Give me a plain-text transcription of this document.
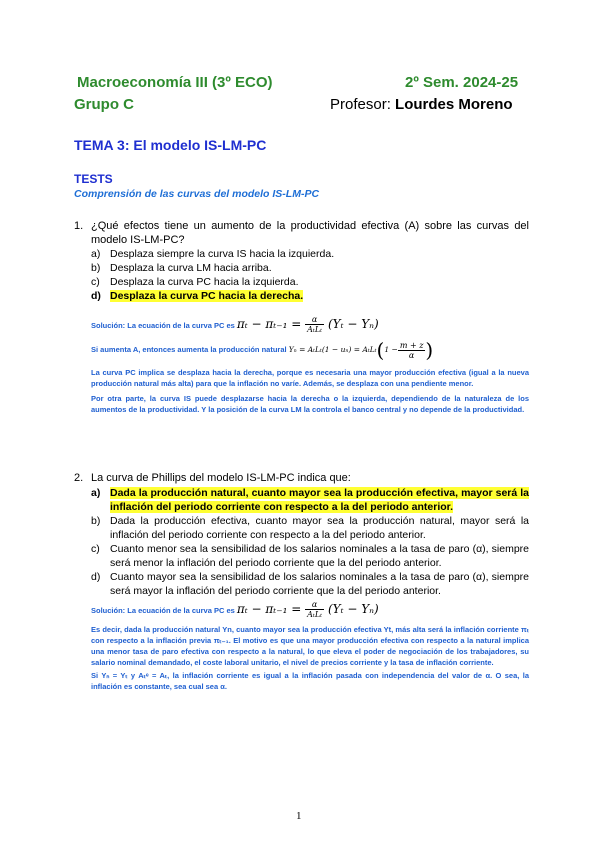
Macroeconomía III (3º ECO)	2º Sem. 2024-25
Grupo C	Profesor: Lourdes Moreno
TEMA 3: El modelo IS-LM-PC
TESTS
Comprensión de las curvas del modelo IS-LM-PC
1. ¿Qué efectos tiene un aumento de la productividad efectiva (A) sobre las curvas del modelo IS-LM-PC?
a) Desplaza siempre la curva IS hacia la izquierda.
b) Desplaza la curva LM hacia arriba.
c) Desplaza la curva PC hacia la izquierda.
d) Desplaza la curva PC hacia la derecha.
Solución: La ecuación de la curva PC es $\pi_t - \pi_{t-1} = \frac{\alpha}{\text{AₜLₜ}} (Y_t - Y_n)$
Si aumenta A, entonces aumenta la producción natural $Y_n = A_tL_t(1 - u_n) = A_tL_t(1 - \frac{m + z}{\alpha}$ )
La curva PC implica se desplaza hacia la derecha, porque es necesaria una mayor producción efectiva (igual a la nueva producción natural más alta) para que la inflación no varíe. Además, se desplaza con una pendiente menor.
Por otra parte, la curva IS puede desplazarse hacia la derecha o la izquierda, dependiendo de la naturaleza de los aumentos de la productividad. Y la posición de la curva LM la controla el banco central y no depende de la productividad.
2. La curva de Phillips del modelo IS-LM-PC indica que:
a) Dada la producción natural, cuanto mayor sea la producción efectiva, mayor será la inflación del periodo corriente con respecto a la del periodo anterior.
b) Dada la producción efectiva, cuanto mayor sea la producción natural, mayor será la inflación del periodo corriente con respecto a la del periodo anterior.
c) Cuanto menor sea la sensibilidad de los salarios nominales a la tasa de paro (α), siempre será menor la inflación del periodo corriente que la del periodo anterior.
d) Cuanto mayor sea la sensibilidad de los salarios nominales a la tasa de paro (α), siempre será mayor la inflación del periodo corriente que la del periodo anterior.
Solución: La ecuación de la curva PC es $\pi_t - \pi_{t-1} = \frac{\alpha}{\text{AₜLₜ}} (Y_t - Y_n)$
Es decir, dada la producción natural Yn, cuanto mayor sea la producción efectiva Yt, más alta será la inflación corriente πₜ con respecto a la inflación previa πₜ₋₁. El motivo es que una mayor producción efectiva con respecto a la natural implica una menor tasa de paro efectiva con respecto a la natural, lo que eleva el poder de negociación de los trabajadores, su salario nominal demandado, el coste laboral unitario, el nivel de precios corriente y la tasa de inflación corriente.
Si Yₙ = Yₜ y Aₜᵉ = Aₜ, la inflación corriente es igual a la inflación pasada con independencia del valor de α. O sea, la inflación es constante, sea cual sea α.
1
